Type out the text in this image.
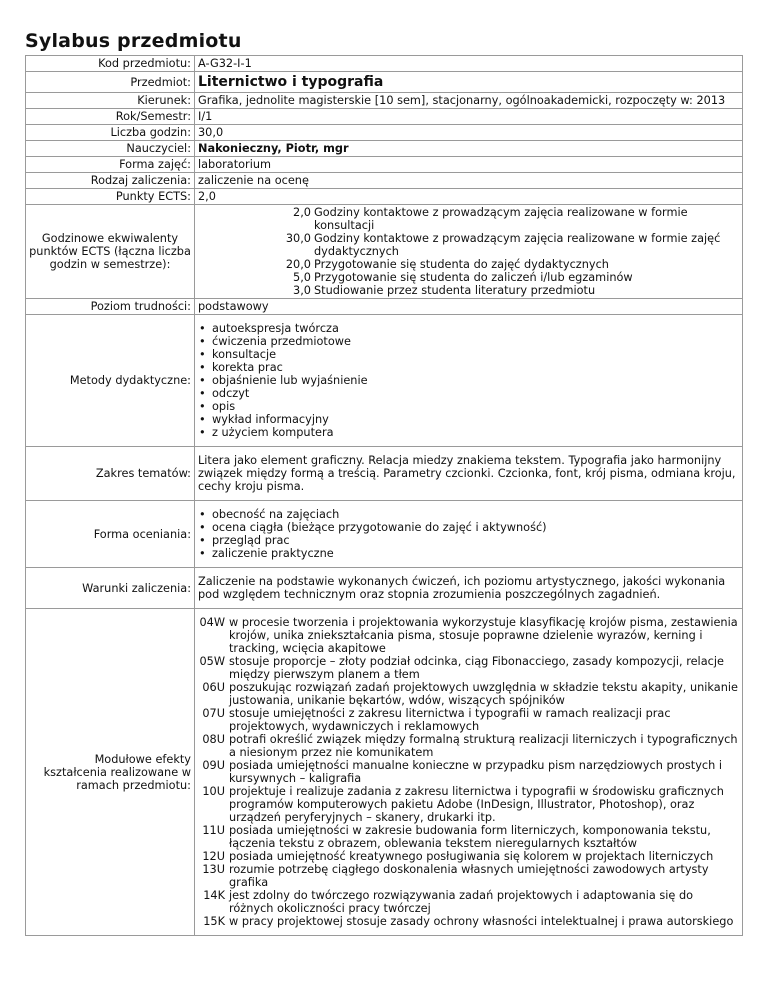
Sylabus przedmiotu
Kod przedmiotu:	A-G32-I-1
Przedmiot:	Liternictwo i typografia
Kierunek:	Grafika, jednolite magisterskie [10 sem], stacjonarny, ogólnoakademicki, rozpoczęty w: 2013
Rok/Semestr:	I/1
Liczba godzin:	30,0
Nauczyciel:	Nakonieczny, Piotr, mgr
Forma zajęć:	laboratorium
Rodzaj zaliczenia:	zaliczenie na ocenę
Punkty ECTS:	2,0
Godzinowe ekwiwalenty punktów ECTS (łączna liczba godzin w semestrze):	
2,0	Godziny kontaktowe z prowadzącym zajęcia realizowane w formie konsultacji
30,0	Godziny kontaktowe z prowadzącym zajęcia realizowane w formie zajęć dydaktycznych
20,0	Przygotowanie się studenta do zajęć dydaktycznych
5,0	Przygotowanie się studenta do zaliczeń i/lub egzaminów
3,0	Studiowanie przez studenta literatury przedmiotu

Poziom trudności:	podstawowy
Metody dydaktyczne:	
• autoekspresja twórcza
• ćwiczenia przedmiotowe
• konsultacje
• korekta prac
• objaśnienie lub wyjaśnienie
• odczyt
• opis
• wykład informacyjny
• z użyciem komputera

Zakres tematów:	Litera jako element graficzny. Relacja miedzy znakiema tekstem. Typografia jako harmonijny związek między formą a treścią. Parametry czcionki. Czcionka, font, krój pisma, odmiana kroju, cechy kroju pisma.
Forma oceniania:	
• obecność na zajęciach
• ocena ciągła (bieżące przygotowanie do zajęć i aktywność)
• przegląd prac
• zaliczenie praktyczne

Warunki zaliczenia:	Zaliczenie na podstawie wykonanych ćwiczeń, ich poziomu artystycznego, jakości wykonania pod względem technicznym oraz stopnia zrozumienia poszczególnych zagadnień.
Modułowe efekty kształcenia realizowane w ramach przedmiotu:	
04W	w procesie tworzenia i projektowania wykorzystuje klasyfikację krojów pisma, zestawienia krojów, unika zniekształcania pisma, stosuje poprawne dzielenie wyrazów, kerning i tracking, wcięcia akapitowe
05W	stosuje proporcje – złoty podział odcinka, ciąg Fibonacciego, zasady kompozycji, relacje między pierwszym planem a tłem
06U	poszukując rozwiązań zadań projektowych uwzględnia w składzie tekstu akapity, unikanie justowania, unikanie bękartów, wdów, wiszących spójników
07U	stosuje umiejętności z zakresu liternictwa i typografii w ramach realizacji prac projektowych, wydawniczych i reklamowych
08U	potrafi określić związek między formalną strukturą realizacji literniczych i typograficznych a niesionym przez nie komunikatem
09U	posiada umiejętności manualne konieczne w przypadku pism narzędziowych prostych i kursywnych – kaligrafia
10U	projektuje i realizuje zadania z zakresu liternictwa i typografii w środowisku graficznych programów komputerowych pakietu Adobe (InDesign, Illustrator, Photoshop), oraz urządzeń peryferyjnych – skanery, drukarki itp.
11U	posiada umiejętności w zakresie budowania form literniczych, komponowania tekstu, łączenia tekstu z obrazem, oblewania tekstem nieregularnych kształtów
12U	posiada umiejętność kreatywnego posługiwania się kolorem w projektach literniczych
13U	rozumie potrzebę ciągłego doskonalenia własnych umiejętności zawodowych artysty grafika
14K	jest zdolny do twórczego rozwiązywania zadań projektowych i adaptowania się do różnych okoliczności pracy twórczej
15K	w pracy projektowej stosuje zasady ochrony własności intelektualnej i prawa autorskiego
